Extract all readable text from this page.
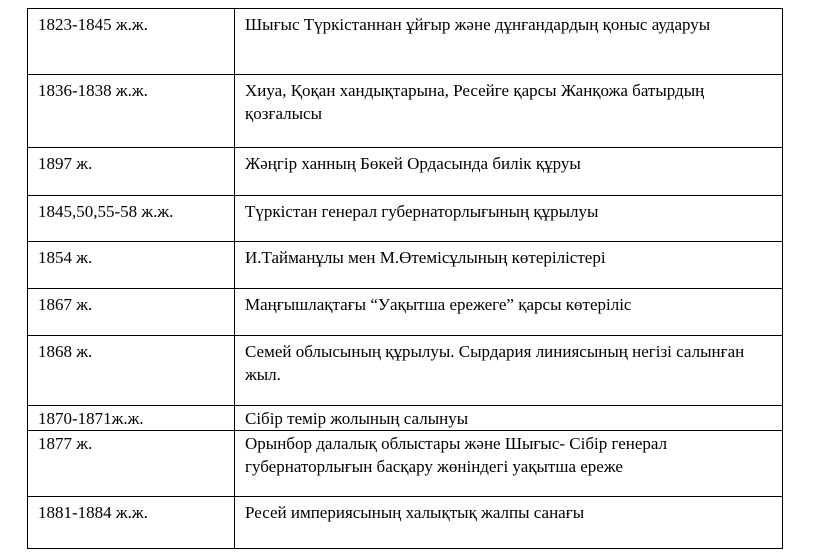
1823-1845 ж.ж.	Шығыс Түркістаннан ұйғыр және дұнғандардың қоныс аударуы
1836-1838 ж.ж.	Хиуа, Қоқан хандықтарына, Ресейге қарсы Жанқожа батырдың қозғалысы
1897 ж.	Жәңгір ханның Бөкей Ордасында билік құруы
1845,50,55-58 ж.ж.	Түркістан генерал губернаторлығының құрылуы
1854 ж.	И.Тайманұлы мен М.Өтемісұлының көтерілістері
1867 ж.	Маңғышлақтағы “Уақытша ережеге” қарсы көтеріліс
1868 ж.	Семей облысының құрылуы. Сырдария линиясының негізі салынған жыл.
1870-1871ж.ж.	Сібір темір жолының салынуы
1877 ж.	Орынбор далалық облыстары және Шығыс- Сібір генерал губернаторлығын басқару жөніндегі уақытша ереже
1881-1884 ж.ж.	Ресей империясының халықтық жалпы санағы
